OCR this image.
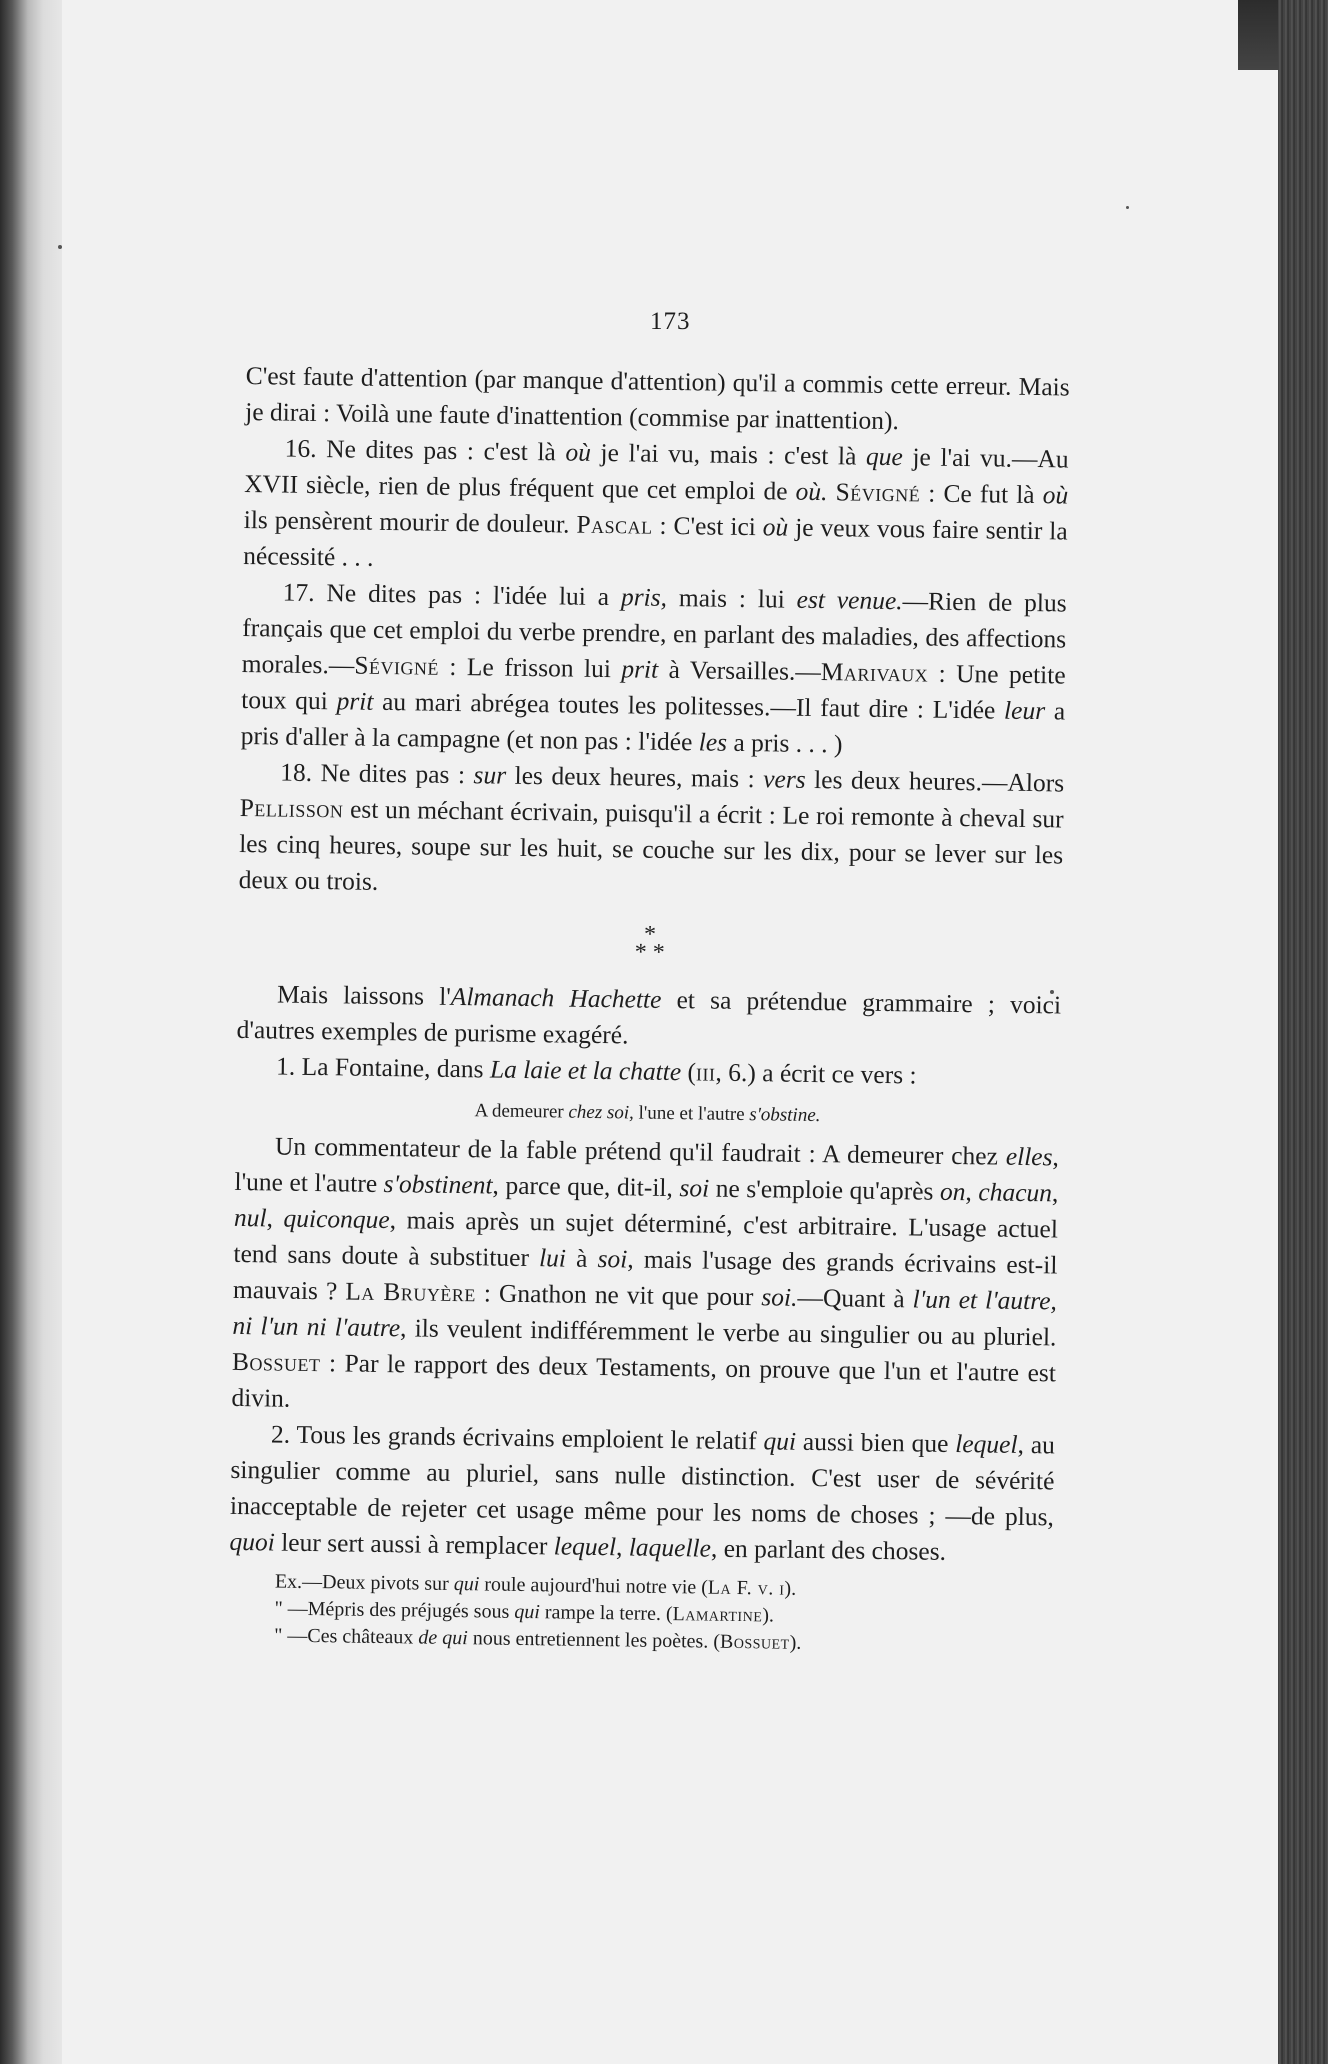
173

C'est faute d'attention (par manque d'attention) qu'il a commis cette erreur. Mais je dirai : Voilà une faute d'inattention (commise par inattention).

16. Ne dites pas : c'est là où je l'ai vu, mais : c'est là que je l'ai vu.—Au XVII siècle, rien de plus fréquent que cet emploi de où. Sévigné : Ce fut là où ils pensèrent mourir de douleur. Pascal : C'est ici où je veux vous faire sentir la nécessité . . .

17. Ne dites pas : l'idée lui a pris, mais : lui est venue.—Rien de plus français que cet emploi du verbe prendre, en parlant des maladies, des affections morales.—Sévigné : Le frisson lui prit à Versailles.—Marivaux : Une petite toux qui prit au mari abrégea toutes les politesses.—Il faut dire : L'idée leur a pris d'aller à la campagne (et non pas : l'idée les a pris . . . )

18. Ne dites pas : sur les deux heures, mais : vers les deux heures.—Alors Pellisson est un méchant écrivain, puisqu'il a écrit : Le roi remonte à cheval sur les cinq heures, soupe sur les huit, se couche sur les dix, pour se lever sur les deux ou trois.

*
* *

Mais laissons l'Almanach Hachette et sa prétendue grammaire ; voici d'autres exemples de purisme exagéré.

1. La Fontaine, dans La laie et la chatte (iii, 6.) a écrit ce vers :

A demeurer chez soi, l'une et l'autre s'obstine.

Un commentateur de la fable prétend qu'il faudrait : A demeurer chez elles, l'une et l'autre s'obstinent, parce que, dit-il, soi ne s'emploie qu'après on, chacun, nul, quiconque, mais après un sujet déterminé, c'est arbitraire. L'usage actuel tend sans doute à substituer lui à soi, mais l'usage des grands écrivains est-il mauvais ? La Bruyère : Gnathon ne vit que pour soi.—Quant à l'un et l'autre, ni l'un ni l'autre, ils veulent indifféremment le verbe au singulier ou au pluriel. Bossuet : Par le rapport des deux Testaments, on prouve que l'un et l'autre est divin.

2. Tous les grands écrivains emploient le relatif qui aussi bien que lequel, au singulier comme au pluriel, sans nulle distinction. C'est user de sévérité inacceptable de rejeter cet usage même pour les noms de choses ; —de plus, quoi leur sert aussi à remplacer lequel, laquelle, en parlant des choses.

Ex.—Deux pivots sur qui roule aujourd'hui notre vie (La F. v. i).
" —Mépris des préjugés sous qui rampe la terre. (Lamartine).
" —Ces châteaux de qui nous entretiennent les poètes. (Bossuet).
